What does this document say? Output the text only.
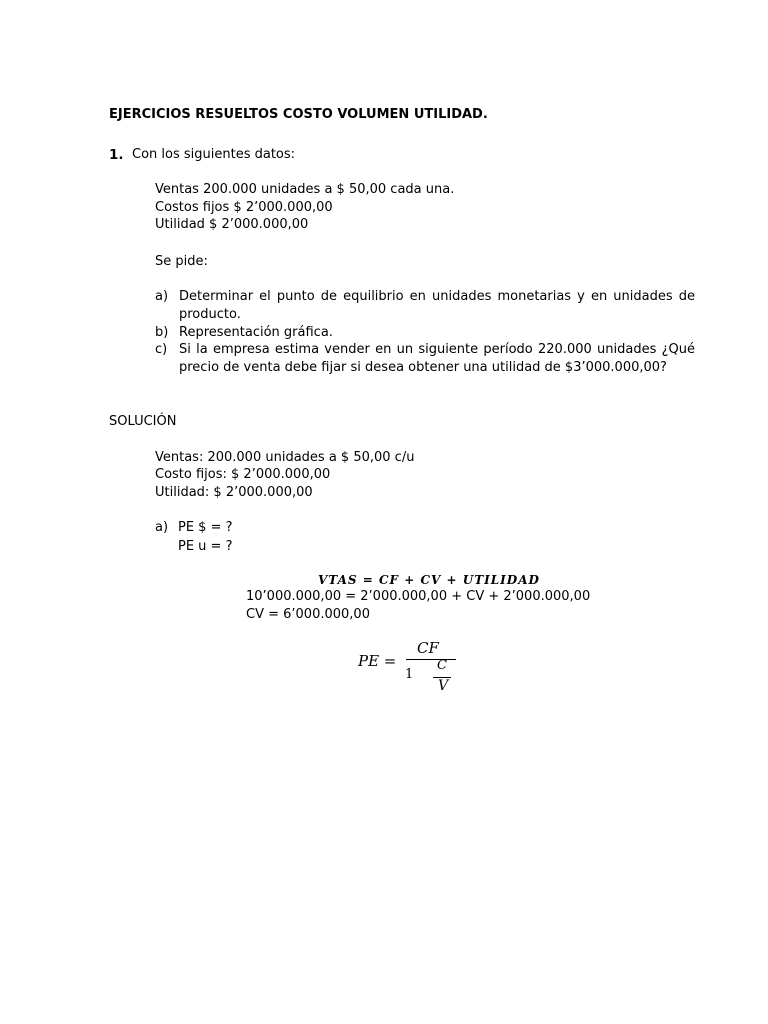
EJERCICIOS RESUELTOS COSTO VOLUMEN UTILIDAD.
1. Con los siguientes datos:
Ventas 200.000 unidades a $ 50,00 cada una.
Costos fijos $ 2’000.000,00
Utilidad $ 2’000.000,00
Se pide:
a) Determinar el punto de equilibrio en unidades monetarias y en unidades de producto.
b) Representación gráfica.
c) Si la empresa estima vender en un siguiente período 220.000 unidades ¿Qué precio de venta debe fijar si desea obtener una utilidad de $3’000.000,00?
SOLUCIÓN
Ventas: 200.000 unidades a $ 50,00 c/u
Costo fijos: $ 2’000.000,00
Utilidad: $ 2’000.000,00
a) PE $ = ?
PE u = ?
VTAS = CF + CV + UTILIDAD
10’000.000,00 = 2’000.000,00 + CV + 2’000.000,00
CV = 6’000.000,00
PE =
CF
1
C
V
